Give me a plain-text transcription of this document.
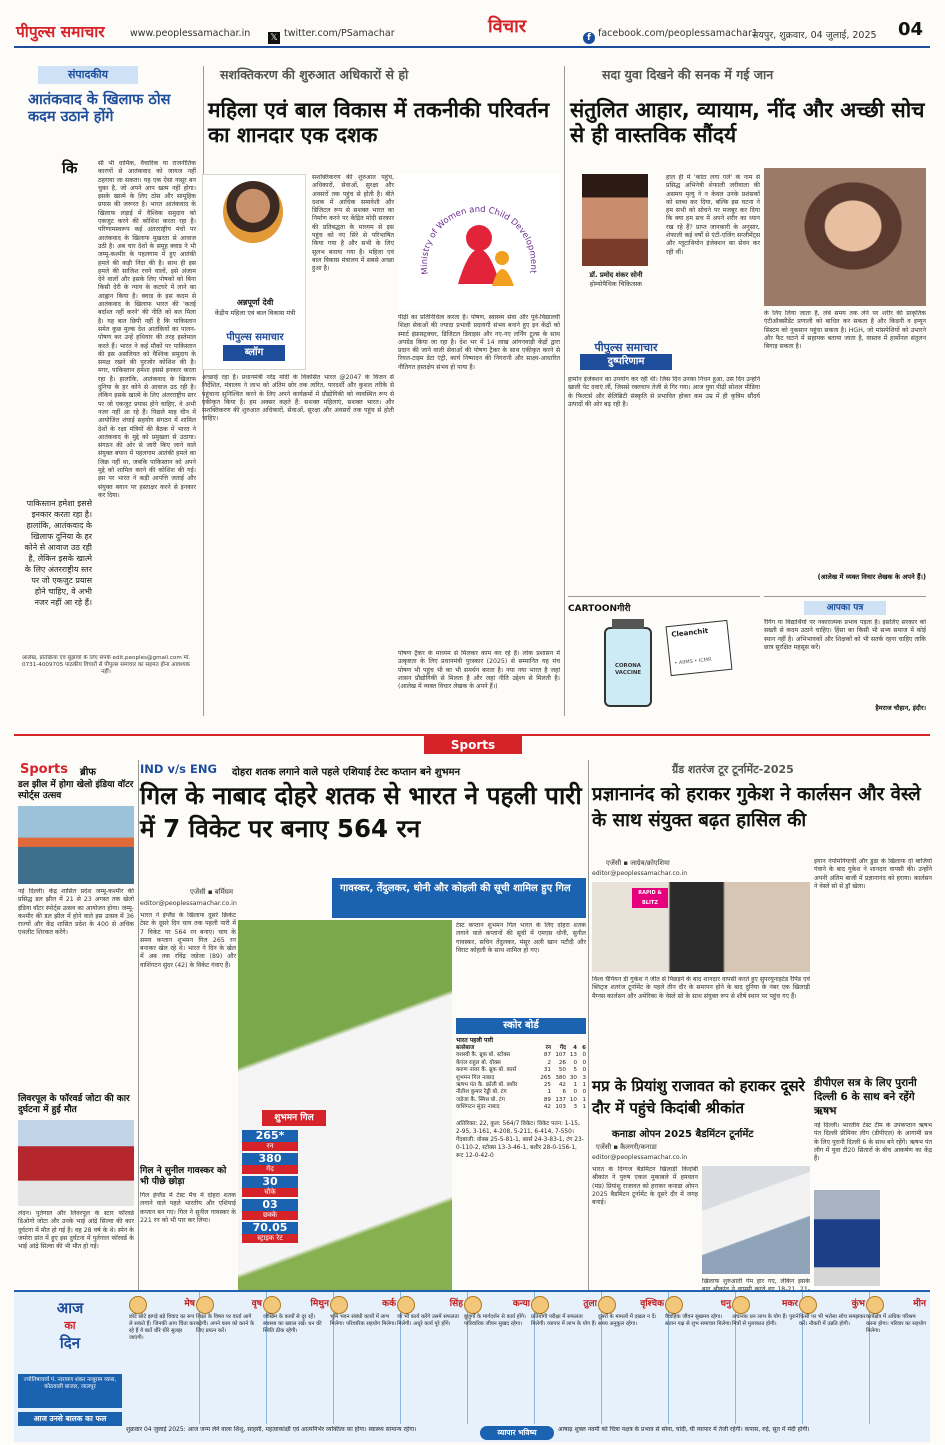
पीपुल्स समाचार	www.peoplessamachar.in 𝕏 twitter.com/PSamachar	विचार
f facebook.com/peoplessamachar1
रायपुर, शुक्रवार, 04 जुलाई, 2025 04
संपादकीय
आतंकवाद के खिलाफ ठोस कदम उठाने होंगे
कि	सी भी धार्मिक, वैचारिक या राजनीतिक कारणों से आतंकवाद को जायज नहीं ठहराया जा सकता। यह एक ऐसा नासूर बन चुका है, जो अपने आप खत्म नहीं होगा। इसके खात्मे के लिए ठोस और सामूहिक प्रयास की जरूरत है। भारत आतंकवाद के खिलाफ लड़ाई में वैश्विक समुदाय को एकजुट करने की कोशिश करता रहा है। परिणामस्वरूप कई अंतरराष्ट्रीय मंचों पर आतंकवाद के खिलाफ मुखरता से आवाज उठी है। अब चार देशों के समूह क्वाड ने भी जम्मू-कश्मीर के पहलगाम में हुए आतंकी हमले की कड़ी निंदा की है। साथ ही इस हमले की साजिश रचने वालों, इसे अंजाम देने वालों और इसके लिए पोषकों को बिना किसी देरी के न्याय के कटघरे में लाने का आह्वान किया है। क्वाड के इस कदम से आतंकवाद के खिलाफ भारत की 'कतई बर्दाश्त नहीं करने' की नीति को बल मिला है। यह बात छिपी नहीं है कि पाकिस्तान समेत कुछ मुल्क देश आतंकियों का पालन-पोषण कर उन्हें हथियार की तरह इस्तेमाल करते हैं। भारत ने कई मौकों पर पाकिस्तान की इस असलियत को वैश्विक समुदाय के समक्ष रखने की पुरजोर कोशिश की है। मगर, पाकिस्तान हमेशा इससे इनकार करता रहा है। हालांकि, आतंकवाद के खिलाफ दुनिया के हर कोने से आवाज उठ रही है। लेकिन इसके खात्मे के लिए अंतरराष्ट्रीय स्तर पर जो एकजुट प्रयास होने चाहिए, वे अभी नजर नहीं आ रहे हैं। पिछले माह चीन में आयोजित शंघाई सहयोग संगठन में शामिल देशों के रक्षा मंत्रियों की बैठक में भारत ने आतंकवाद के मुद्दे को प्रमुखता से उठाया। संगठन की ओर से जारी किए जाने वाले संयुक्त बयान में पहलगाम आतंकी हमले का जिक्र नहीं था, जबकि पाकिस्तान को अपने मुद्दे को शामिल करने की कोशिश की गई। इस पर भारत ने कड़ी आपत्ति जताई और संयुक्त बयान पर हस्ताक्षर करने से इनकार कर दिया।
पाकिस्तान हमेशा इससे इनकार करता रहा है। हालांकि, आतंकवाद के खिलाफ दुनिया के हर कोने से आवाज उठ रही है, लेकिन इसके खात्मे के लिए अंतरराष्ट्रीय स्तर पर जो एकजुट प्रयास होने चाहिए, वे अभी नजर नहीं आ रहे हैं।
आलेख, प्रतिक्रिया एवं सुझावों के लिए संपर्क edit.peoples@gmail.com मो. 0731-4009705 पाठकीय विचारों से पीपुल्स समाचार का सहमत होना आवश्यक नहीं।
सशक्तिकरण की शुरुआत अधिकारों से हो
महिला एवं बाल विकास में तकनीकी परिवर्तन का शानदार एक दशक
अन्नपूर्णा देवी
केंद्रीय महिला एवं बाल विकास मंत्री
पीपुल्स समाचार
ब्लॉग
सशक्तिकरण की शुरुआत पहुंच, अधिकारों, सेवाओं, सुरक्षा और अवसरों तक पहुंच से होती है। बीते दशक में आधिक समावेशी और डिजिटल रूप से सशक्त भारत का निर्माण करने पर केंद्रित मोदी सरकार की प्रतिबद्धता के माध्यम से इस पहुंच को नए सिरे से परिभाषित किया गया है और सभी के लिए सुलभ बनाया गया है। महिला एवं बाल विकास मंत्रालय में सबसे अच्छा हुआ है।
अच्छाई रहा है। प्रधानमंत्री नरेंद्र मोदी के विकसित भारत @2047 के विजन से निर्देशित, मंत्रालय ने लाभ को अंतिम छोर तक त्वरित, पारदर्शी और कुशल तरीके से पहुंचाना सुनिश्चित करने के लिए अपने कार्यक्रमों में प्रौद्योगिकी को व्यवस्थित रूप से एकीकृत किया है। हम अक्सर कहते हैं: सशक्त महिलाएं, सशक्त भारत। और सशक्तिकरण की शुरुआत अधिकारों, सेवाओं, सुरक्षा और अवसरों तक पहुंच से होती चाहिए।
Ministry of Women and Child Development
पीढ़ी का प्रतिनिधित्व करता है। पोषण, स्वास्थ्य सेवा और पूर्व-विद्यालयी शिक्षा सेवाओं की ज्यादा प्रभावी प्रदायगी संभव बनाने हुए इन केंद्रों को स्मार्ट इंफ्रास्ट्रक्चर, डिजिटल डिवाइस और नए-नए लर्निंग टूल्स के साथ अपग्रेड किया जा रहा है। देश भर में 14 लाख आंगनवाड़ी केंद्रों द्वारा प्रदान की जाने वाली सेवाओं की पोषण ट्रैकर के साथ एकीकृत करने से रियल-टाइम डेटा एंट्री, कार्य निष्पादन की निगरानी और साक्ष्य-आधारित नीतिगत हस्तक्षेप संभव हो पाया है।
पोषण ट्रैकर के माध्यम से मिलकर काम कर रहे हैं। लोक प्रशासन में उत्कृष्टता के लिए प्रधानमंत्री पुरस्कार (2025) से सम्मानित यह मंच पोषण भी पहुंच भी का भी समर्थन करता है। नया नया भारत है जहां शासन प्रौद्योगिकी से मिलता है और जहां नीति उद्देश्य से मिलती है। (आलेख में व्यक्त विचार लेखक के अपने हैं।)
सदा युवा दिखने की सनक में गई जान
संतुलित आहार, व्यायाम, नींद और अच्छी सोच से ही वास्तविक सौंदर्य
डॉ. प्रमोद शंकर सोनी
होम्योपैथिक चिकित्सक
पीपुल्स समाचार
दुष्परिणाम
हाल ही में 'कांटा लगा गर्ल' के नाम से प्रसिद्ध अभिनेत्री शेफाली जरीवाला की असमय मृत्यु ने न केवल उनके प्रशंसकों को स्तब्ध कर दिया, बल्कि इस घटना ने हम सभी को सोचने पर मजबूर कर दिया कि क्या हम सच में अपने शरीर का ध्यान रख रहे हैं? प्राप्त जानकारी के अनुसार, शेफाली कई वर्षों से एंटी-एजिंग सप्लीमेंट्स और ग्लूटाथियोन इंजेक्शन का सेवन कर रही थीं।
के लिए लिया जाता है, लंबे समय तक लेने पर शरीर की प्राकृतिक एंटीऑक्सीडेंट प्रणाली को बाधित कर सकता है और किडनी व इम्यून सिस्टम को नुकसान पहुंचा सकता है। HGH, जो मांसपेशियों को उभारने और फैट घटाने में सहायक बताया जाता है, वास्तव में हार्मोनल संतुलन बिगाड़ सकता है।
हार्मोन इंजेक्शन का उपयोग कर रही थीं। जिस दिन उनका निधन हुआ, उस दिन उन्होंने खाली पेट दवाएं लीं, जिससे रक्तचाप तेजी से गिर गया। आज युवा पीढ़ी सोशल मीडिया के फिल्टर्स और सेलिब्रिटी संस्कृति से प्रभावित होकर कम उम्र में ही कृत्रिम सौंदर्य उत्पादों की ओर बढ़ रही है।
(आलेख में व्यक्त विचार लेखक के अपने हैं।)
CARTOONगीरी
CORONA VACCINE
Cleanchit
• AIIMS • ICMR
आपका पत्र
रैगिंग या विद्यार्थियों पर नकारात्मक प्रभाव पड़ता है। इसलिए सरकार को सख्ती से कदम उठाने चाहिए। हिंसा का किसी भी सभ्य समाज में कोई स्थान नहीं है। अभिभावकों और शिक्षकों को भी सतर्क रहना चाहिए ताकि छात्र सुरक्षित महसूस करें।
हैमराज चौहान, इंदौर।
Sports
Sports	ब्रीफ
डल झील में होगा खेलो इंडिया वॉटर स्पोर्ट्स उत्सव
नई दिल्ली। केंद्र शासित प्रदेश जम्मू-कश्मीर की प्रसिद्ध डल झील में 21 से 23 अगस्त तक खेलो इंडिया वॉटर स्पोर्ट्स उत्सव का आयोजन होगा। जम्मू-कश्मीर की डल झील में होने वाले इस उत्सव में 36 राज्यों और केंद्र शासित प्रदेश के 400 से अधिक एथलीट शिरकत करेंगे।
लिवरपूल के फॉरवर्ड जोटा की कार दुर्घटना में हुई मौत
लंदन। पुर्तगाल और लिवरपूल के स्टार फॉरवर्ड डिओगो जोटा और उनके भाई आंद्रे सिल्वा की कार दुर्घटना में मौत हो गई है। वह 28 वर्ष के थे। स्पेन के जमोरा प्रांत में हुए इस दुर्घटना में पुर्तगाल फॉरवर्ड के भाई आंद्रे सिल्वा की भी मौत हो गई।
IND v/s ENG दोहरा शतक लगाने वाले पहले एशियाई टेस्ट कप्तान बने शुभमन
गिल के नाबाद दोहरे शतक से भारत ने पहली पारी में 7 विकेट पर बनाए 564 रन
एजेंसी ▪ बर्मिघम
editor@peoplessamachar.co.in
भारत ने इंग्लैंड के खिलाफ दूसरे क्रिकेट टेस्ट के दूसरे दिन चाय तक पहली पारी में 7 विकेट पर 564 रन बनाए। चाय के समय कप्तान शुभमन गिल 265 रन बनाकर खेल रहे थे। भारत ने दिन के खेल में अब तक रविंद्र जडेजा (89) और वाशिंगटन सुंदर (42) के विकेट गंवाए हैं।
गिल ने सुनील गावस्कर को भी पीछे छोड़ा
गिल इंग्लैंड में टेस्ट मैच में दोहरा शतक लगाने वाले पहले भारतीय और एशियाई कप्तान बन गए। गिल ने सुनील गावस्कर के 221 रन को भी पार कर लिया।
गावस्कर, तेंदुलकर, धोनी और कोहली की सूची शामिल हुए गिल
शुभमन गिल
265*
रन
380
गेंद
30
चौके
03
छक्के
70.05
स्ट्राइक रेट
टेस्ट कप्तान शुभमन गिल भारत के लिए दोहरा शतक लगाने वाले कप्तानों की सूची में एमएस धोनी, सुनील गावस्कर, सचिन तेंदुलकर, मंसूर अली खान पटौदी और विराट कोहली के साथ शामिल हो गए।
स्कोर बोर्ड
भारत पहली पारी
बल्लेबाज	रन	गेंद	4 6
यशस्वी कै. ब्रूक बो. स्टोक्स	87 107 13 0
केएल राहुल बो. वोक्स	2	26	0 0
करुण नायर कै. ब्रूक बो. कार्स	31	50	5 0
शुभमन गिल नाबाद	265 380 30 3
ऋषभ पंत कै. क्रॉली बो. बशीर	25	42	1 1
नीतीश कुमार रेड्डी बो. टंग	1	6	0 0
जडेजा कै. स्मिथ बो. टंग	89 137 10 1
वाशिंगटन सुंदर नाबाद	42 103	3 1
अतिरिक्त: 22, कुल: 564/7 विकेट। विकेट पतन: 1-15, 2-95, 3-161, 4-208, 5-211, 6-414, 7-550। गेंदबाजी: वोक्स 25-5-81-1, कार्स 24-3-83-1, टंग 23-0-110-2, स्टोक्स 13-3-46-1, बशीर 28-0-156-1, रूट 12-0-42-0
ग्रैंड शतरंज टूर टूर्नामेंट-2025
प्रज्ञानानंद को हराकर गुकेश ने कार्लसन और वेस्ले के साथ संयुक्त बढ़त हासिल की
एजेंसी ▪ जाग्रेब/क्रोएशिया
editor@peoplessamachar.co.in
RAPID & BLITZ
विश्व चैंपियन डी गुकेश ने जीत से पिछड़ने के बाद शानदार वापसी करते हुए सुपरयुनाइटेड रैपिड एवं ब्लिट्ज शतरंज टूर्नामेंट के पहले तीन दौर के समापन होने के बाद दुनिया के नंबर एक खिलाड़ी मैग्नस कार्लसन और अमेरिका के वेस्ले सो के साथ संयुक्त रूप से शीर्ष स्थान पर पहुंच गए हैं।
इयान नेपोमनियाची और डुडा के खिलाफ दो बाजियों गंवाने के बाद गुकेश ने शानदार वापसी की। उन्होंने अपनी अंतिम बाजी में प्रज्ञानानंद को हराया। कार्लसन ने वेस्ले सो से ड्रॉ खेला।
मप्र के प्रियांशु राजावत को हराकर दूसरे दौर में पहुंचे किदांबी श्रीकांत
कनाडा ओपन 2025 बैडमिंटन टूर्नामेंट
एजेंसी ▪ कैलगरी/कनाडा
editor@peoplessamachar.co.in
भारत के दिग्गज बैडमिंटन खिलाड़ी किदांबी श्रीकांत ने पुरुष एकल मुकाबले में हमवतन (मप्र) प्रियांशु राजावत को हराकर कनाडा ओपन 2025 बैडमिंटन टूर्नामेंट के दूसरे दौर में जगह बनाई।
खिलाफ शुरुआती गेम हार गए, लेकिन इसके
डीपीएल सत्र के लिए पुरानी दिल्ली 6 के साथ बने रहेंगे ऋषभ
नई दिल्ली। भारतीय टेस्ट टीम के उपकप्तान ऋषभ पंत दिल्ली प्रीमियर लीग (डीपीएल) के आगामी सत्र के लिए पुरानी दिल्ली 6 के साथ बने रहेंगे। ऋषभ पंत लीग में युवा टी20 सितारों के बीच आकर्षण का केंद्र हैं।
आज
का
दिन
ज्योतिषाचार्य पं. नारायण शंकर नाथूराम व्यास, कोठवाली बाजार, जालपुर
मेष
छोटे छोटे झगड़े बड़े विवाद का रूप ले सकते हैं। जिनकी आप चिंता कर रहे हैं वे बातें धीरे धीरे सुलझ जाएंगी।
वृष
शिक्षा के विषय पर वार्ता आगे बढ़ेगी। अपने काम को करने के लिए प्रयत्न करें।
मिथुन
जोखिम के कार्यों से दूर रहें। स्वास्थ्य का ख्याल रखें। धन की स्थिति ठीक रहेगी।
कर्क
भूमि भवन संबंधी कार्यों में लाभ मिलेगा। परिवारिक सहयोग मिलेगा।
सिंह
जो भी कार्य करेंगे उसमें सफलता मिलेगी। अधूरे कार्य पूरे होंगे।
कन्या
बुजुर्गों के मार्गदर्शन से कार्य होंगे। पारिवारिक जीवन सुखद रहेगा।
तुला
प्रतियोगी परीक्षा में सफलता मिलेगी। व्यापार में लाभ के योग हैं।
वृश्चिक
दूसरों के मामलों में दखल न दें। समय अनुकूल रहेगा।
धनु
वैवाहिक जीवन सुखमय रहेगा। संतान पक्ष से शुभ समाचार मिलेगा।
मकर
अचानक धन लाभ के योग हैं। पुराने मित्रों से मुलाकात होगी।
कुंभ
किसी पर भी भरोसा सोच समझकर करें। नौकरी में उन्नति होगी।
मीन
कार्यक्षेत्र में अधिक परिश्रम करना होगा। परिवार का सहयोग मिलेगा।
आज उनसे बालक का फल
शुक्रवार 04 जुलाई 2025: आज जन्म लेने वाला शिशु, साहसी, महत्वाकांक्षी एवं आत्मनिर्भर व्यक्तित्व का होगा। स्वास्थ्य सामान्य रहेगा।	व्यापार भविष्य	आषाढ़ शुक्ल नवमी को चित्रा नक्षत्र के प्रभाव से सोना, चांदी, घी व्यापार में तेजी रहेगी। कपास, रुई, सूत में मंदी होगी।
